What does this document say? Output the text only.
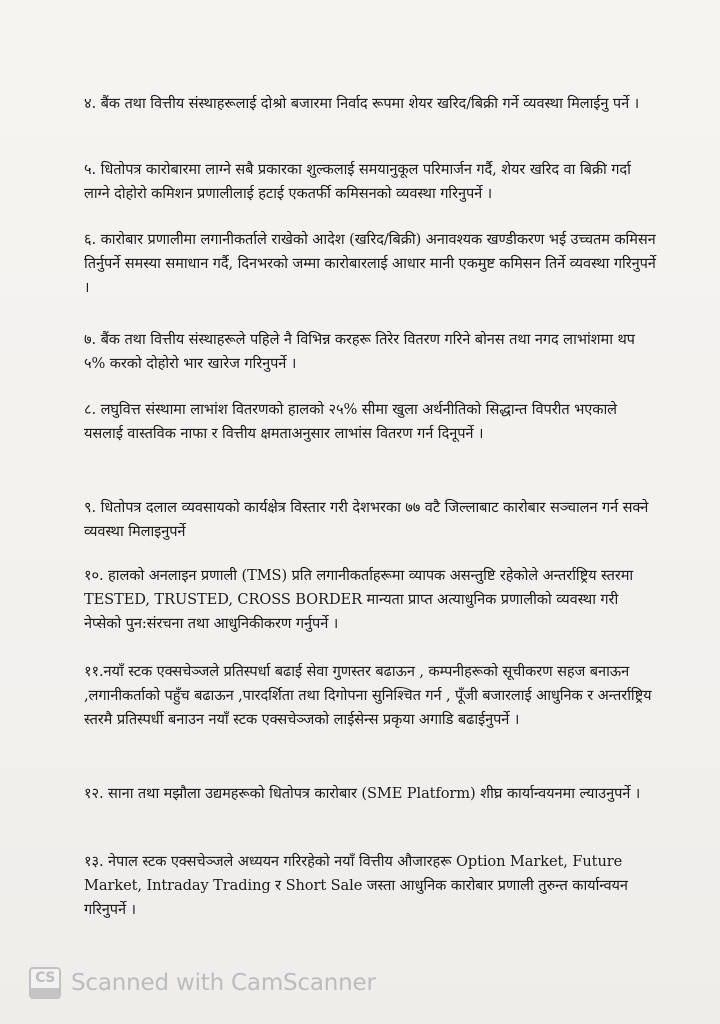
४. बैंक तथा वित्तीय संस्थाहरूलाई दोश्रो बजारमा निर्वाद रूपमा शेयर खरिद/बिक्री गर्ने व्यवस्था मिलाईनु पर्ने ।

५. धितोपत्र कारोबारमा लाग्ने सबै प्रकारका शुल्कलाई समयानुकूल परिमार्जन गर्दै, शेयर खरिद वा बिक्री गर्दा लाग्ने दोहोरो कमिशन प्रणालीलाई हटाई एकतर्फी कमिसनको व्यवस्था गरिनुपर्ने ।

६. कारोबार प्रणालीमा लगानीकर्ताले राखेको आदेश (खरिद/बिक्री) अनावश्यक खण्डीकरण भई उच्चतम कमिसन तिर्नुपर्ने समस्या समाधान गर्दै, दिनभरको जम्मा कारोबारलाई आधार मानी एकमुष्ट कमिसन तिर्ने व्यवस्था गरिनुपर्ने ।

७. बैंक तथा वित्तीय संस्थाहरूले पहिले नै विभिन्न करहरू तिरेर वितरण गरिने बोनस तथा नगद लाभांशमा थप ५% करको दोहोरो भार खारेज गरिनुपर्ने ।

८. लघुवित्त संस्थामा लाभांश वितरणको हालको २५% सीमा खुला अर्थनीतिको सिद्धान्त विपरीत भएकाले यसलाई वास्तविक नाफा र वित्तीय क्षमताअनुसार लाभांस वितरण गर्न दिनूपर्ने ।

९. धितोपत्र दलाल व्यवसायको कार्यक्षेत्र विस्तार गरी देशभरका ७७ वटै जिल्लाबाट कारोबार सञ्चालन गर्न सक्ने व्यवस्था मिलाइनुपर्ने

१०. हालको अनलाइन प्रणाली (TMS) प्रति लगानीकर्ताहरूमा व्यापक असन्तुष्टि रहेकोले अन्तर्राष्ट्रिय स्तरमा TESTED, TRUSTED, CROSS BORDER मान्यता प्राप्त अत्याधुनिक प्रणालीको व्यवस्था गरी नेप्सेको पुन:संरचना तथा आधुनिकीकरण गर्नुपर्ने ।

११.नयाँ स्टक एक्सचेञ्जले प्रतिस्पर्धा बढाई सेवा गुणस्तर बढाऊन , कम्पनीहरूको सूचीकरण सहज बनाऊन ,लगानीकर्ताको पहुँच बढाऊन ,पारदर्शिता तथा दिगोपना सुनिश्चित गर्न , पूँजी बजारलाई आधुनिक र अन्तर्राष्ट्रिय स्तरमै प्रतिस्पर्धी बनाउन नयाँ स्टक एक्सचेञ्जको लाईसेन्स प्रकृया अगाडि बढाईनुपर्ने ।

१२. साना तथा मझौला उद्यमहरूको धितोपत्र कारोबार (SME Platform) शीघ्र कार्यान्वयनमा ल्याउनुपर्ने ।

१३. नेपाल स्टक एक्सचेञ्जले अध्ययन गरिरहेको नयाँ वित्तीय औजारहरू Option Market, Future Market, Intraday Trading र Short Sale जस्ता आधुनिक कारोबार प्रणाली तुरुन्त कार्यान्वयन गरिनुपर्ने ।

CS Scanned with CamScanner
